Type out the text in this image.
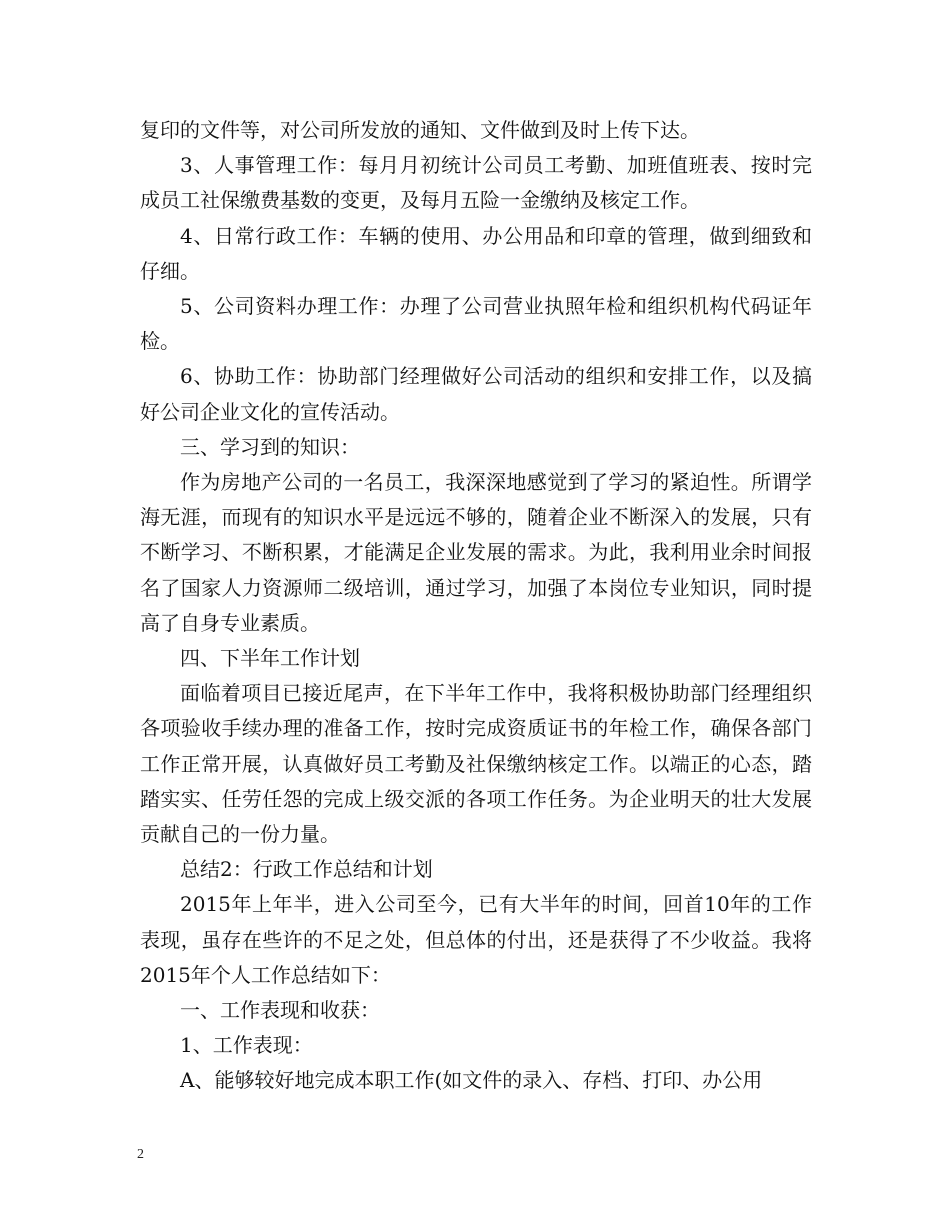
复印的文件等，对公司所发放的通知、文件做到及时上传下达。

3、人事管理工作：每月月初统计公司员工考勤、加班值班表、按时完成员工社保缴费基数的变更，及每月五险一金缴纳及核定工作。

4、日常行政工作：车辆的使用、办公用品和印章的管理，做到细致和仔细。

5、公司资料办理工作：办理了公司营业执照年检和组织机构代码证年检。

6、协助工作：协助部门经理做好公司活动的组织和安排工作，以及搞好公司企业文化的宣传活动。

三、学习到的知识：

作为房地产公司的一名员工，我深深地感觉到了学习的紧迫性。所谓学海无涯，而现有的知识水平是远远不够的，随着企业不断深入的发展，只有不断学习、不断积累，才能满足企业发展的需求。为此，我利用业余时间报名了国家人力资源师二级培训，通过学习，加强了本岗位专业知识，同时提高了自身专业素质。

四、下半年工作计划

面临着项目已接近尾声，在下半年工作中，我将积极协助部门经理组织各项验收手续办理的准备工作，按时完成资质证书的年检工作，确保各部门工作正常开展，认真做好员工考勤及社保缴纳核定工作。以端正的心态，踏踏实实、任劳任怨的完成上级交派的各项工作任务。为企业明天的壮大发展贡献自己的一份力量。

总结2：行政工作总结和计划

2015年上年半，进入公司至今，已有大半年的时间，回首10年的工作表现，虽存在些许的不足之处，但总体的付出，还是获得了不少收益。我将2015年个人工作总结如下：

一、工作表现和收获：

1、工作表现：

A、能够较好地完成本职工作(如文件的录入、存档、打印、办公用

2
